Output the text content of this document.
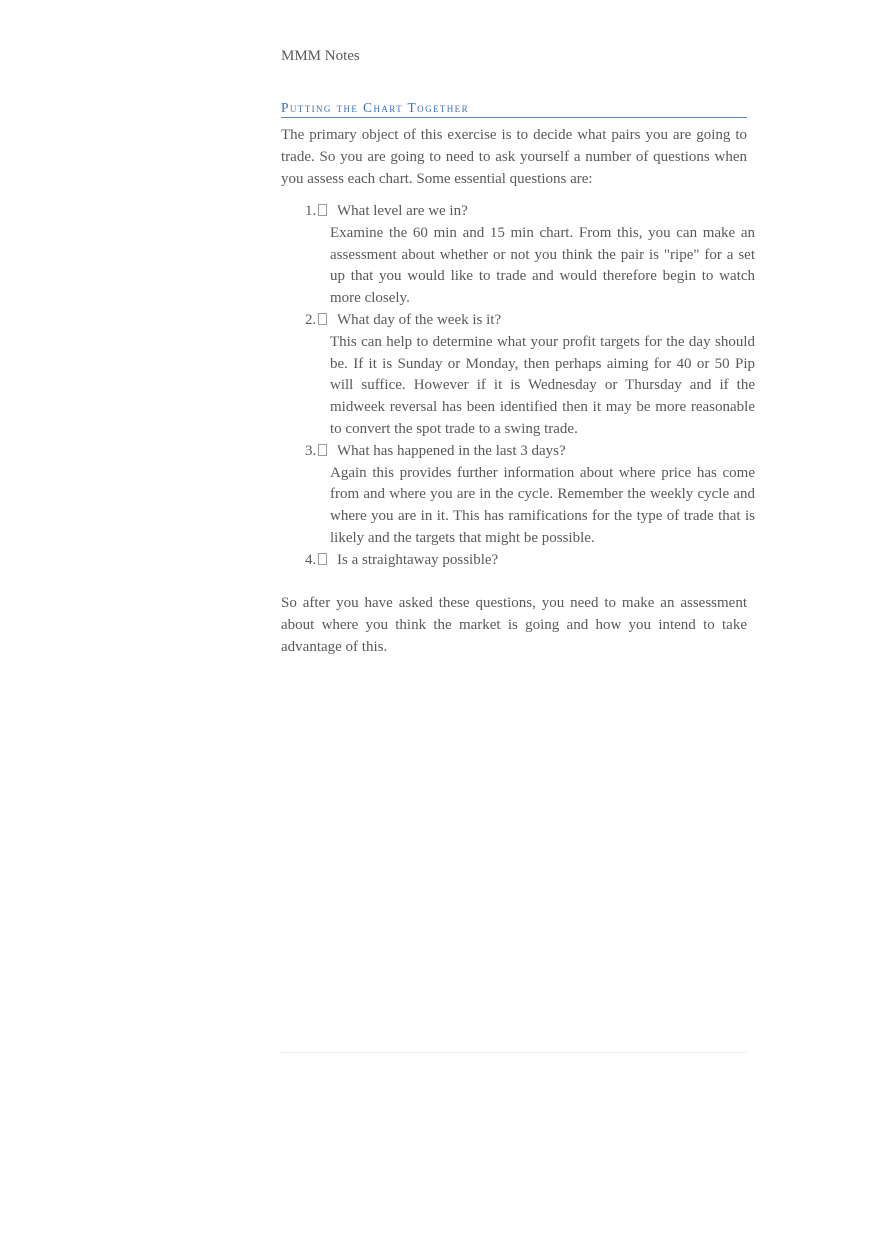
MMM Notes
Putting the Chart Together

The primary object of this exercise is to decide what pairs you are going to trade. So you are going to need to ask yourself a number of questions when you assess each chart. Some essential questions are:

1.	What level are we in?
Examine the 60 min and 15 min chart. From this, you can make an assessment about whether or not you think the pair is "ripe" for a set up that you would like to trade and would therefore begin to watch more closely.
2.	What day of the week is it?
This can help to determine what your profit targets for the day should be. If it is Sunday or Monday, then perhaps aiming for 40 or 50 Pip will suffice. However if it is Wednesday or Thursday and if the midweek reversal has been identified then it may be more reasonable to convert the spot trade to a swing trade.
3.	What has happened in the last 3 days?
Again this provides further information about where price has come from and where you are in the cycle. Remember the weekly cycle and where you are in it. This has ramifications for the type of trade that is likely and the targets that might be possible.
4.	Is a straightaway possible?

So after you have asked these questions, you need to make an assessment about where you think the market is going and how you intend to take advantage of this.
